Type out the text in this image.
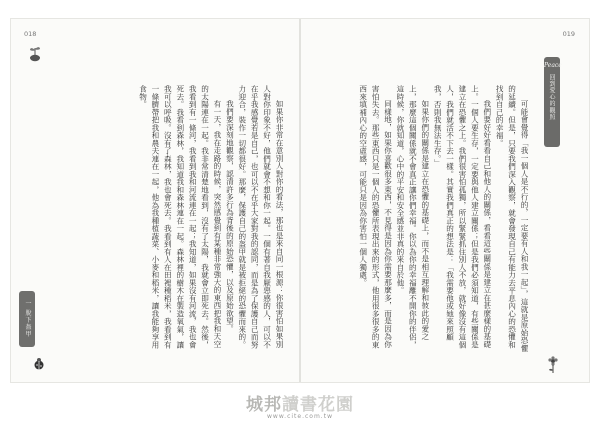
018

如果你非常在意別人對你的看法，那也是來自同一根源：你很害怕如果別人對你印象不好，他們就會不想和你一起。一個有著自我厭惡感的人，可以不在乎我感覺若是自己，也可以不在乎大家對我的認同，而是為了保護自己而努力迎合，裝作一切都很好。那麼，保護自己的盔甲就是被拒絕的恐懼而來的。

我們要深刻地觀察，認清許多行為背後的原始恐懼，以及原始欲望。

有一天，我在走路的時候，突然感覺到有某種非常強大的東西把我和天空的太陽連在一起。我非常清楚地看到，沒有了太陽，我就會立即死去。然後，我看到有一條河，我看到我和河流連在一起；我知道，如果沒有河流，我也會死去。我看到森林，我知道我和森林連在一起。森林裡的樹木在製造氧氣，讓我可以呼吸。沒有了森林，我也會死去。我看到有人在田裡種稻米，我看到有一條臍帶把我和農夫連在一起，他為我種植蔬菜、小麥和稻米，讓我能夠享用食物。

一 脫下盔甲
019

可能會覺得「我一個人是不行的，一定要有人和我一起」，這就是原始恐懼的延續。但是，只要我們深入觀察，就會發現自己有能力去平息內心的恐懼和找到自己的幸福。

我們要好好看看自己和他人的關係，看看這些關係是建立在甚麼樣的基礎上。一個人要生存，一定要與他人建立關係；但是我們必須知道，有些關係是建立在恐懼之上。我們很害怕孤獨，所以緊緊抓住別人不放，就好像沒有這個人，我們就活不下去一樣。其實我們真正的想法是：「我需要他或她來照顧我，否則我無法生存。」

如果你們的關係是建立在恐懼的基礎上，而不是相互理解和彼此的愛之上，那麼這個關係就不會真正讓你們幸福。你以為你的幸福離不開你的伴侶，這時候，你就知道，心中的平安和安全感並非真的來自於他。

同樣地，如果你喜歡很多東西，不見得是因為你需要那麼多，而是因為你害怕失去。那些東西只是一個人的恐懼所表現出來的形式，他用很多很多的東西來填補內心的空虛感，可能只是因為你害怕一個人獨處。

Peace
回到愛心的觀照
城邦讀書花園
www.cite.com.tw
